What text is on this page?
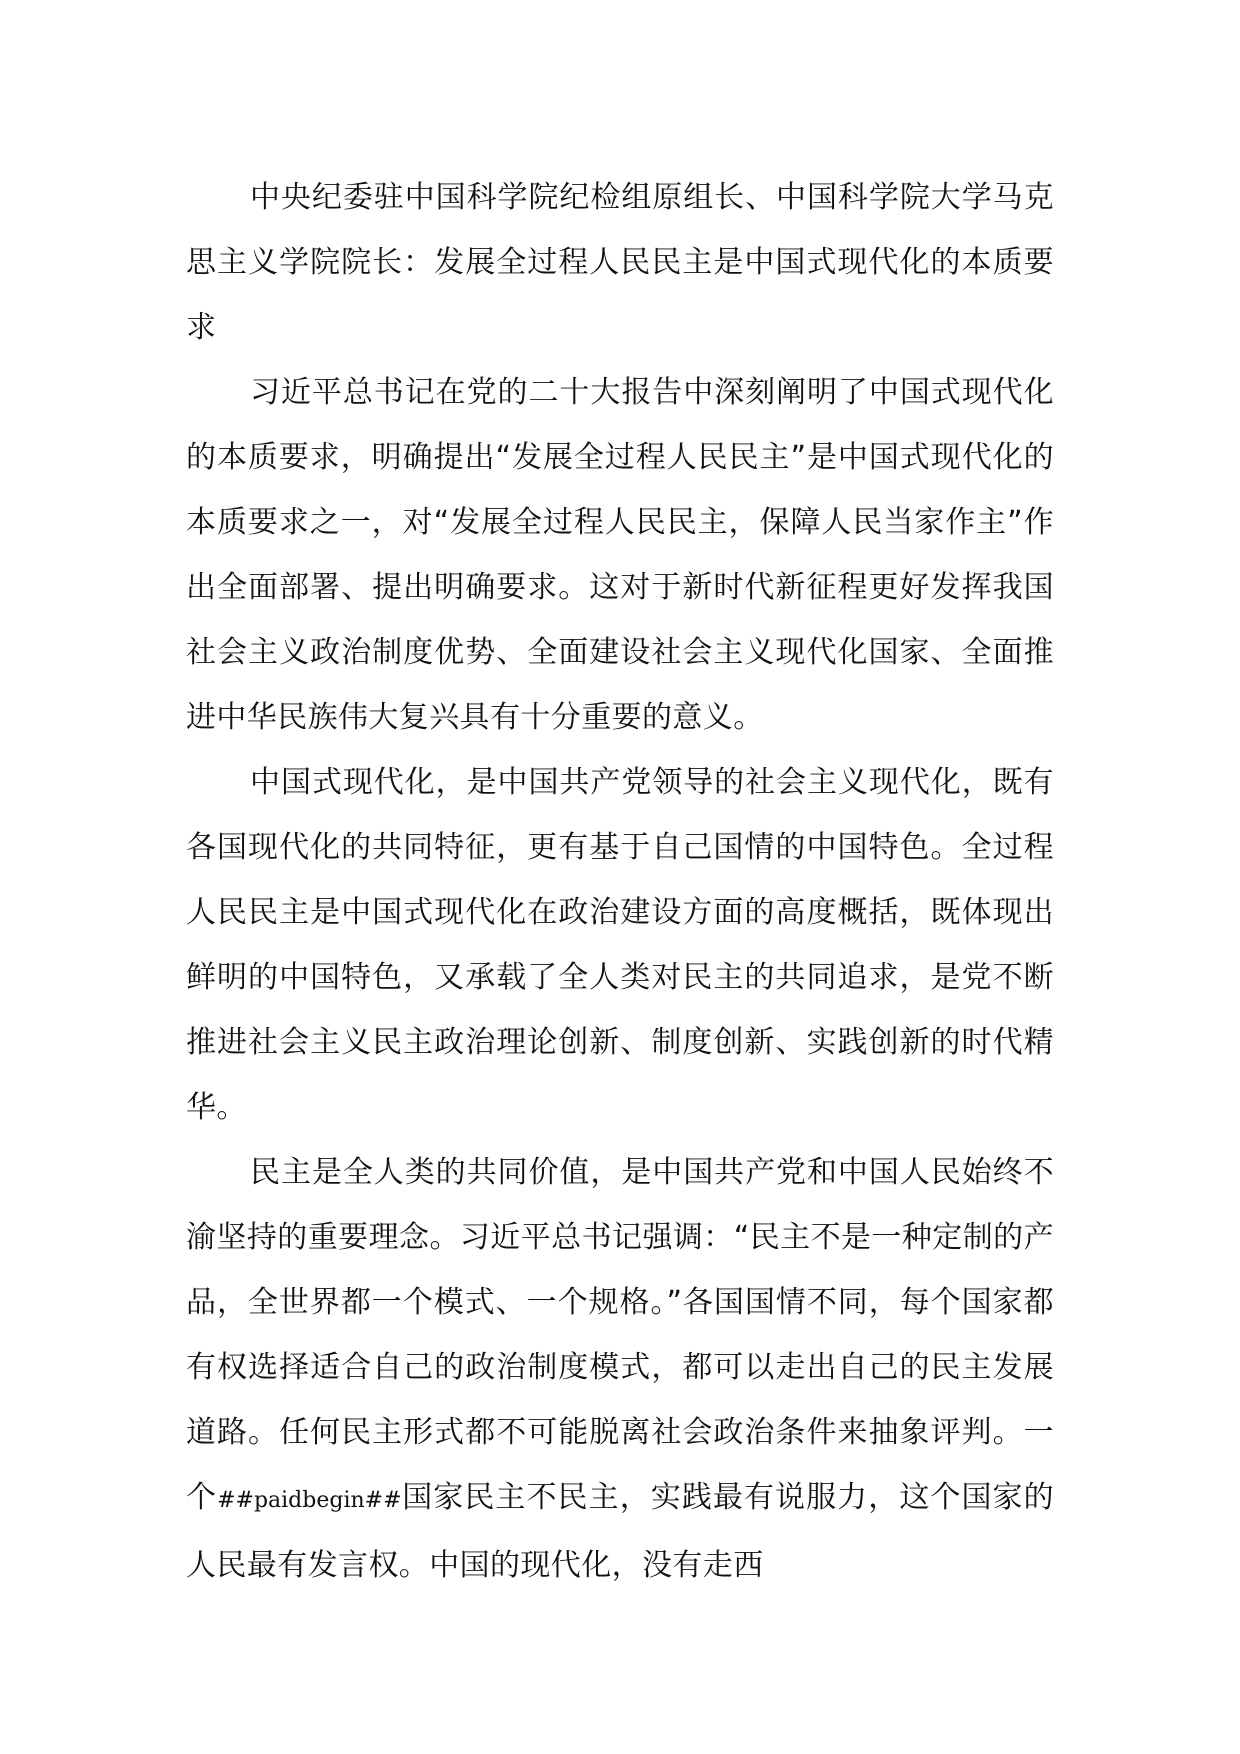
中央纪委驻中国科学院纪检组原组长、中国科学院大学马克思主义学院院长：发展全过程人民民主是中国式现代化的本质要求

习近平总书记在党的二十大报告中深刻阐明了中国式现代化的本质要求，明确提出“发展全过程人民民主”是中国式现代化的本质要求之一，对“发展全过程人民民主，保障人民当家作主”作出全面部署、提出明确要求。这对于新时代新征程更好发挥我国社会主义政治制度优势、全面建设社会主义现代化国家、全面推进中华民族伟大复兴具有十分重要的意义。

中国式现代化，是中国共产党领导的社会主义现代化，既有各国现代化的共同特征，更有基于自己国情的中国特色。全过程人民民主是中国式现代化在政治建设方面的高度概括，既体现出鲜明的中国特色，又承载了全人类对民主的共同追求，是党不断推进社会主义民主政治理论创新、制度创新、实践创新的时代精华。

民主是全人类的共同价值，是中国共产党和中国人民始终不渝坚持的重要理念。习近平总书记强调：“民主不是一种定制的产品，全世界都一个模式、一个规格。”各国国情不同，每个国家都有权选择适合自己的政治制度模式，都可以走出自己的民主发展道路。任何民主形式都不可能脱离社会政治条件来抽象评判。一个##paidbegin##国家民主不民主，实践最有说服力，这个国家的人民最有发言权。中国的现代化，没有走西
